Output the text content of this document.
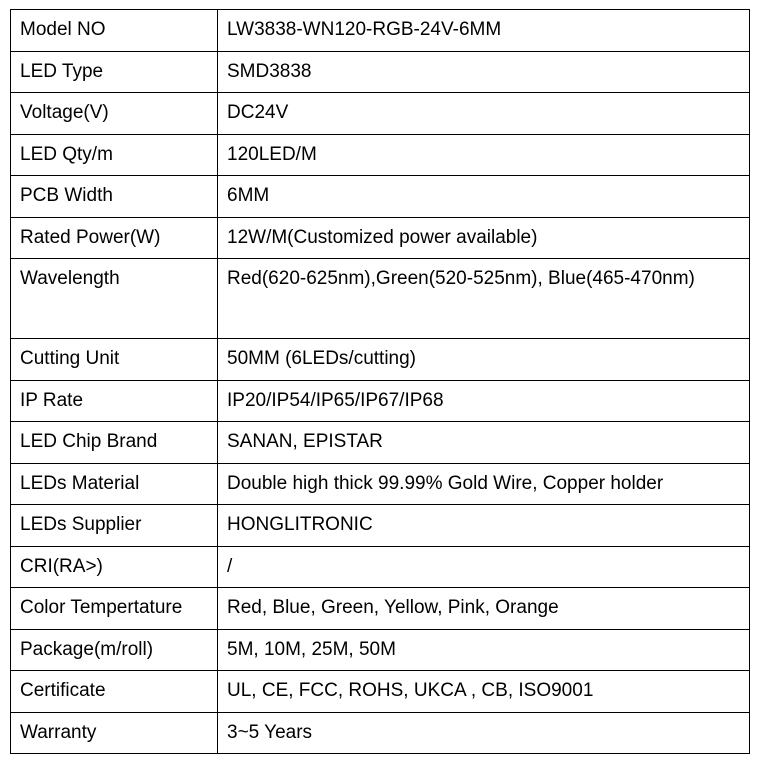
Model NO	LW3838-WN120-RGB-24V-6MM
LED Type	SMD3838
Voltage(V)	DC24V
LED Qty/m	120LED/M
PCB Width	6MM
Rated Power(W)	12W/M(Customized power available)
Wavelength	Red(620-625nm),Green(520-525nm), Blue(465-470nm)
Cutting Unit	50MM (6LEDs/cutting)
IP Rate	IP20/IP54/IP65/IP67/IP68
LED Chip Brand	SANAN, EPISTAR
LEDs Material	Double high thick 99.99% Gold Wire, Copper holder
LEDs Supplier	HONGLITRONIC
CRI(RA>)	/
Color Tempertature	Red, Blue, Green, Yellow, Pink, Orange
Package(m/roll)	5M, 10M, 25M, 50M
Certificate	UL, CE, FCC, ROHS, UKCA , CB, ISO9001
Warranty	3~5 Years
